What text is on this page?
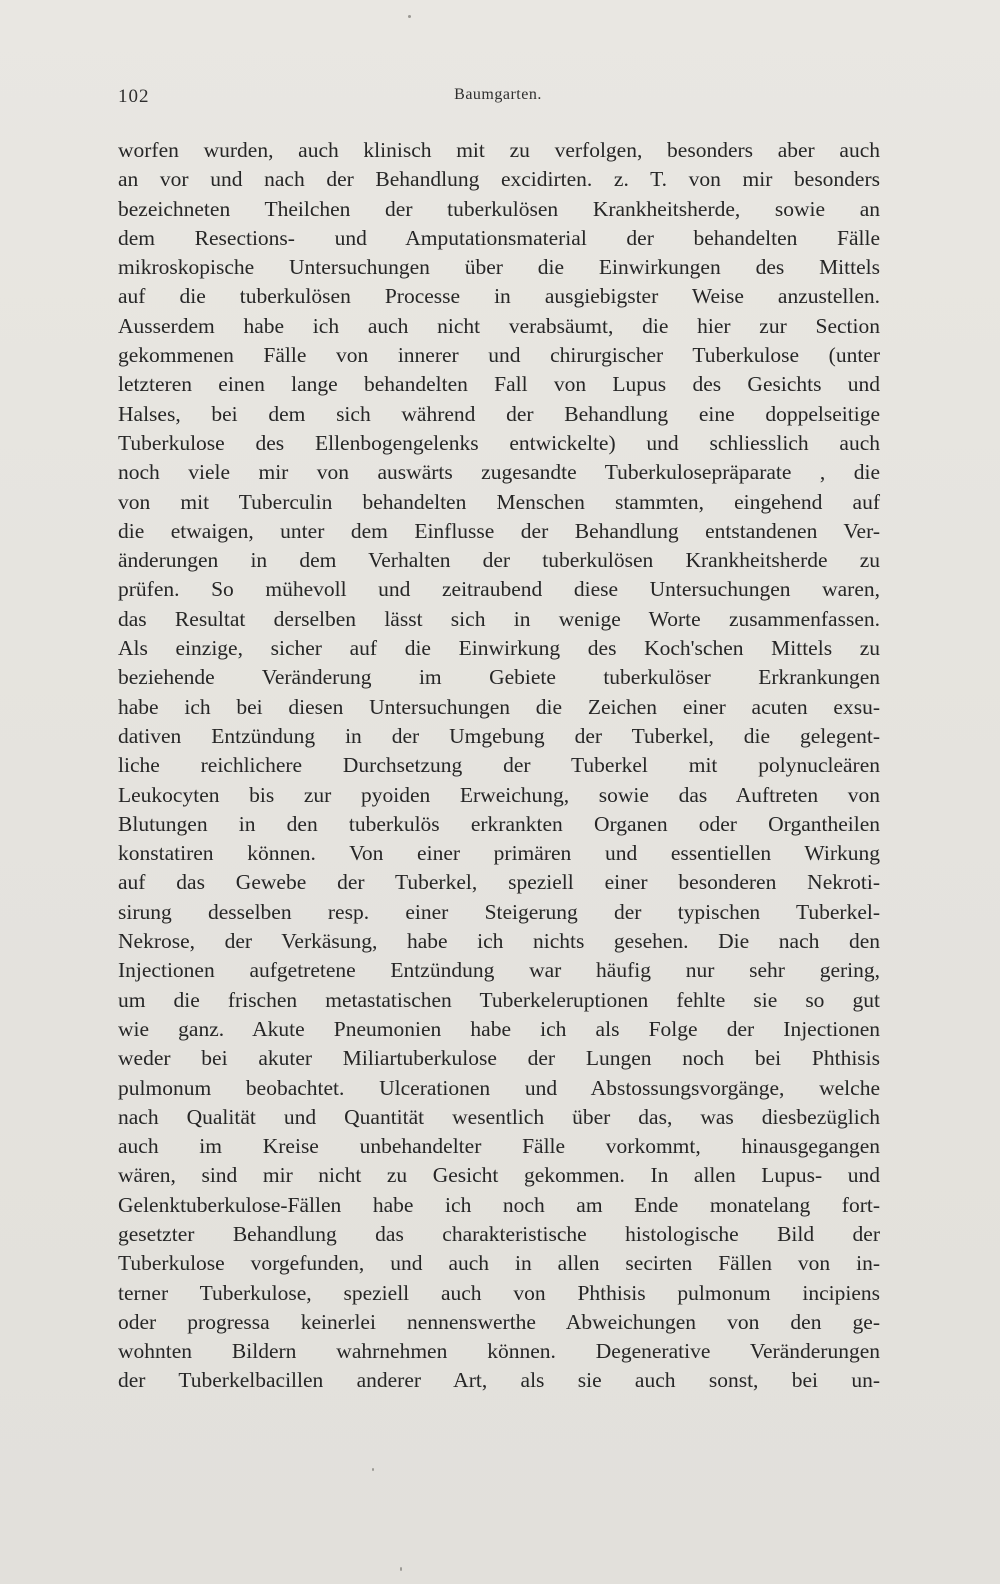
102	Baumgarten.
worfen wurden, auch klinisch mit zu verfolgen, besonders aber auch
an vor und nach der Behandlung excidirten. z. T. von mir besonders
bezeichneten Theilchen der tuberkulösen Krankheitsherde, sowie an
dem Resections- und Amputationsmaterial der behandelten Fälle
mikroskopische Untersuchungen über die Einwirkungen des Mittels
auf die tuberkulösen Processe in ausgiebigster Weise anzustellen.
Ausserdem habe ich auch nicht verabsäumt, die hier zur Section
gekommenen Fälle von innerer und chirurgischer Tuberkulose (unter
letzteren einen lange behandelten Fall von Lupus des Gesichts und
Halses, bei dem sich während der Behandlung eine doppelseitige
Tuberkulose des Ellenbogengelenks entwickelte) und schliesslich auch
noch viele mir von auswärts zugesandte Tuberkulosepräparate , die
von mit Tuberculin behandelten Menschen stammten, eingehend auf
die etwaigen, unter dem Einflusse der Behandlung entstandenen Ver-
änderungen in dem Verhalten der tuberkulösen Krankheitsherde zu
prüfen. So mühevoll und zeitraubend diese Untersuchungen waren,
das Resultat derselben lässt sich in wenige Worte zusammenfassen.
Als einzige, sicher auf die Einwirkung des Koch'schen Mittels zu
beziehende Veränderung im Gebiete tuberkulöser Erkrankungen
habe ich bei diesen Untersuchungen die Zeichen einer acuten exsu-
dativen Entzündung in der Umgebung der Tuberkel, die gelegent-
liche reichlichere Durchsetzung der Tuberkel mit polynucleären
Leukocyten bis zur pyoiden Erweichung, sowie das Auftreten von
Blutungen in den tuberkulös erkrankten Organen oder Organtheilen
konstatiren können. Von einer primären und essentiellen Wirkung
auf das Gewebe der Tuberkel, speziell einer besonderen Nekroti-
sirung desselben resp. einer Steigerung der typischen Tuberkel-
Nekrose, der Verkäsung, habe ich nichts gesehen. Die nach den
Injectionen aufgetretene Entzündung war häufig nur sehr gering,
um die frischen metastatischen Tuberkeleruptionen fehlte sie so gut
wie ganz. Akute Pneumonien habe ich als Folge der Injectionen
weder bei akuter Miliartuberkulose der Lungen noch bei Phthisis
pulmonum beobachtet. Ulcerationen und Abstossungsvorgänge, welche
nach Qualität und Quantität wesentlich über das, was diesbezüglich
auch im Kreise unbehandelter Fälle vorkommt, hinausgegangen
wären, sind mir nicht zu Gesicht gekommen. In allen Lupus- und
Gelenktuberkulose-Fällen habe ich noch am Ende monatelang fort-
gesetzter Behandlung das charakteristische histologische Bild der
Tuberkulose vorgefunden, und auch in allen secirten Fällen von in-
terner Tuberkulose, speziell auch von Phthisis pulmonum incipiens
oder progressa keinerlei nennenswerthe Abweichungen von den ge-
wohnten Bildern wahrnehmen können. Degenerative Veränderungen
der Tuberkelbacillen anderer Art, als sie auch sonst, bei un-
